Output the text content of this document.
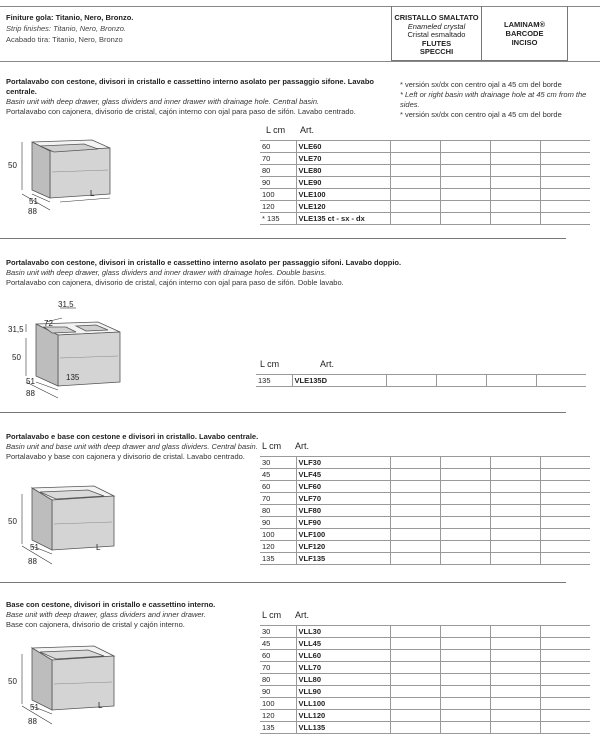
Finiture gola: Titanio, Nero, Bronzo.
Strip finishes: Titanio, Nero, Bronzo.
Acabado tira: Titanio, Nero, Bronzo
CRISTALLO SMALTATO
Enameled crystal
Cristal esmaltado
FLUTES
SPECCHI
LAMINAM®
BARCODE
INCISO
Portalavabo con cestone, divisori in cristallo e cassettino interno asolato per passaggio sifone. Lavabo centrale.
Basin unit with deep drawer, glass dividers and inner drawer with drainage hole. Central basin.
Portalavabo con cajonera, divisorio de cristal, cajón interno con ojal para paso de sifón. Lavabo centrado.
* versión sx/dx con centro ojal a 45 cm del borde
* Left or right basin with drainage hole at 45 cm from the sides.
* versión sx/dx con centro ojal a 45 cm del borde
L cm Art.
50
51
88
L
60	VLE60				
70	VLE70				
80	VLE80				
90	VLE90				
100	VLE100				
120	VLE120				
* 135	VLE135 ct - sx - dx				
Portalavabo con cestone, divisori in cristallo e cassettino interno asolato per passaggio sifoni. Lavabo doppio.
Basin unit with deep drawer, glass dividers and inner drawer with drainage holes. Double basins.
Portalavabo con cajonera, divisorio de cristal, cajón interno con ojal para paso de sifón. Doble lavabo.
31,5
72
31,5
50
51
88
135
L cm	Art.
135	VLE135D				
Portalavabo e base con cestone e divisori in cristallo. Lavabo centrale.
Basin unit and base unit with deep drawer and glass dividers. Central basin.
Portalavabo y base con cajonera y divisorio de cristal. Lavabo centrado.
L cm Art.
50
51
88
L
30	VLF30				
45	VLF45				
60	VLF60				
70	VLF70				
80	VLF80				
90	VLF90				
100	VLF100				
120	VLF120				
135	VLF135				
Base con cestone, divisori in cristallo e cassettino interno.
Base unit with deep drawer, glass dividers and inner drawer.
Base con cajonera, divisorio de cristal y cajón interno.
L cm Art.
50
51
88
L
30	VLL30				
45	VLL45				
60	VLL60				
70	VLL70				
80	VLL80				
90	VLL90				
100	VLL100				
120	VLL120				
135	VLL135				
